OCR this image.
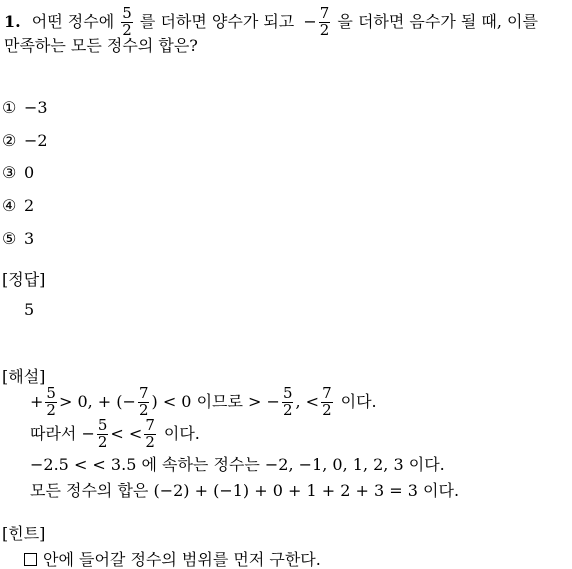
1. 어떤 정수에 $\frac{5}{2}$ 를 더하면 양수가 되고 − $\frac{7}{2}$ 을 더하면 음수가 될 때, 이를
만족하는 모든 정수의 합은?
① −3
② −2
③ 0
④ 2
⑤ 3
[정답]
5
[해설]
+ $\frac{5}{2} > 0$, + (− $\frac{7}{2}$ ) < 0 이므로 > − $\frac{5}{2}$ , < $\frac{7}{2}$ 이다.
따라서 − $\frac{5}{2}$ < < $\frac{7}{2}$ 이다.
−2.5 < < 3.5 에 속하는 정수는 −2, −1, 0, 1, 2, 3 이다.
모든 정수의 합은 (−2) + (−1) + 0 + 1 + 2 + 3 = 3 이다.
[힌트]
안에 들어갈 정수의 범위를 먼저 구한다.
